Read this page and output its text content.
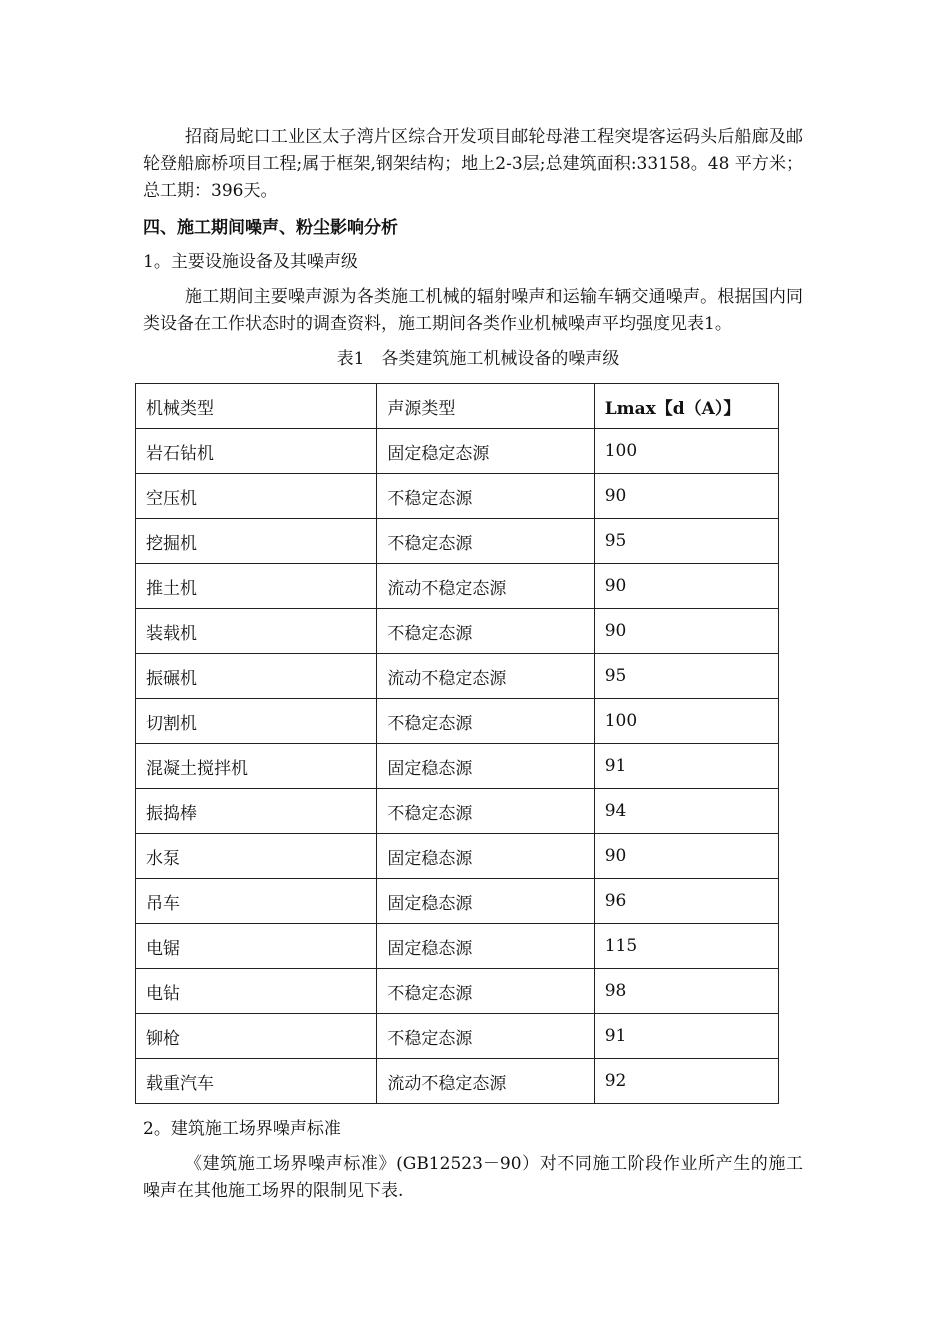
招商局蛇口工业区太子湾片区综合开发项目邮轮母港工程突堤客运码头后船廊及邮轮登船廊桥项目工程;属于框架,钢架结构；地上2-3层;总建筑面积:33158。48 平方米；总工期：396天。

四、施工期间噪声、粉尘影响分析

1。主要设施设备及其噪声级

施工期间主要噪声源为各类施工机械的辐射噪声和运输车辆交通噪声。根据国内同类设备在工作状态时的调查资料，施工期间各类作业机械噪声平均强度见表1。

表1　各类建筑施工机械设备的噪声级

机械类型	声源类型	Lmax【d（A）】
岩石钻机	固定稳定态源	100
空压机	不稳定态源	90
挖掘机	不稳定态源	95
推土机	流动不稳定态源	90
装载机	不稳定态源	90
振碾机	流动不稳定态源	95
切割机	不稳定态源	100
混凝土搅拌机	固定稳态源	91
振捣棒	不稳定态源	94
水泵	固定稳态源	90
吊车	固定稳态源	96
电锯	固定稳态源	115
电钻	不稳定态源	98
铆枪	不稳定态源	91
载重汽车	流动不稳定态源	92

2。建筑施工场界噪声标准

《建筑施工场界噪声标准》(GB12523－90）对不同施工阶段作业所产生的施工噪声在其他施工场界的限制见下表.
